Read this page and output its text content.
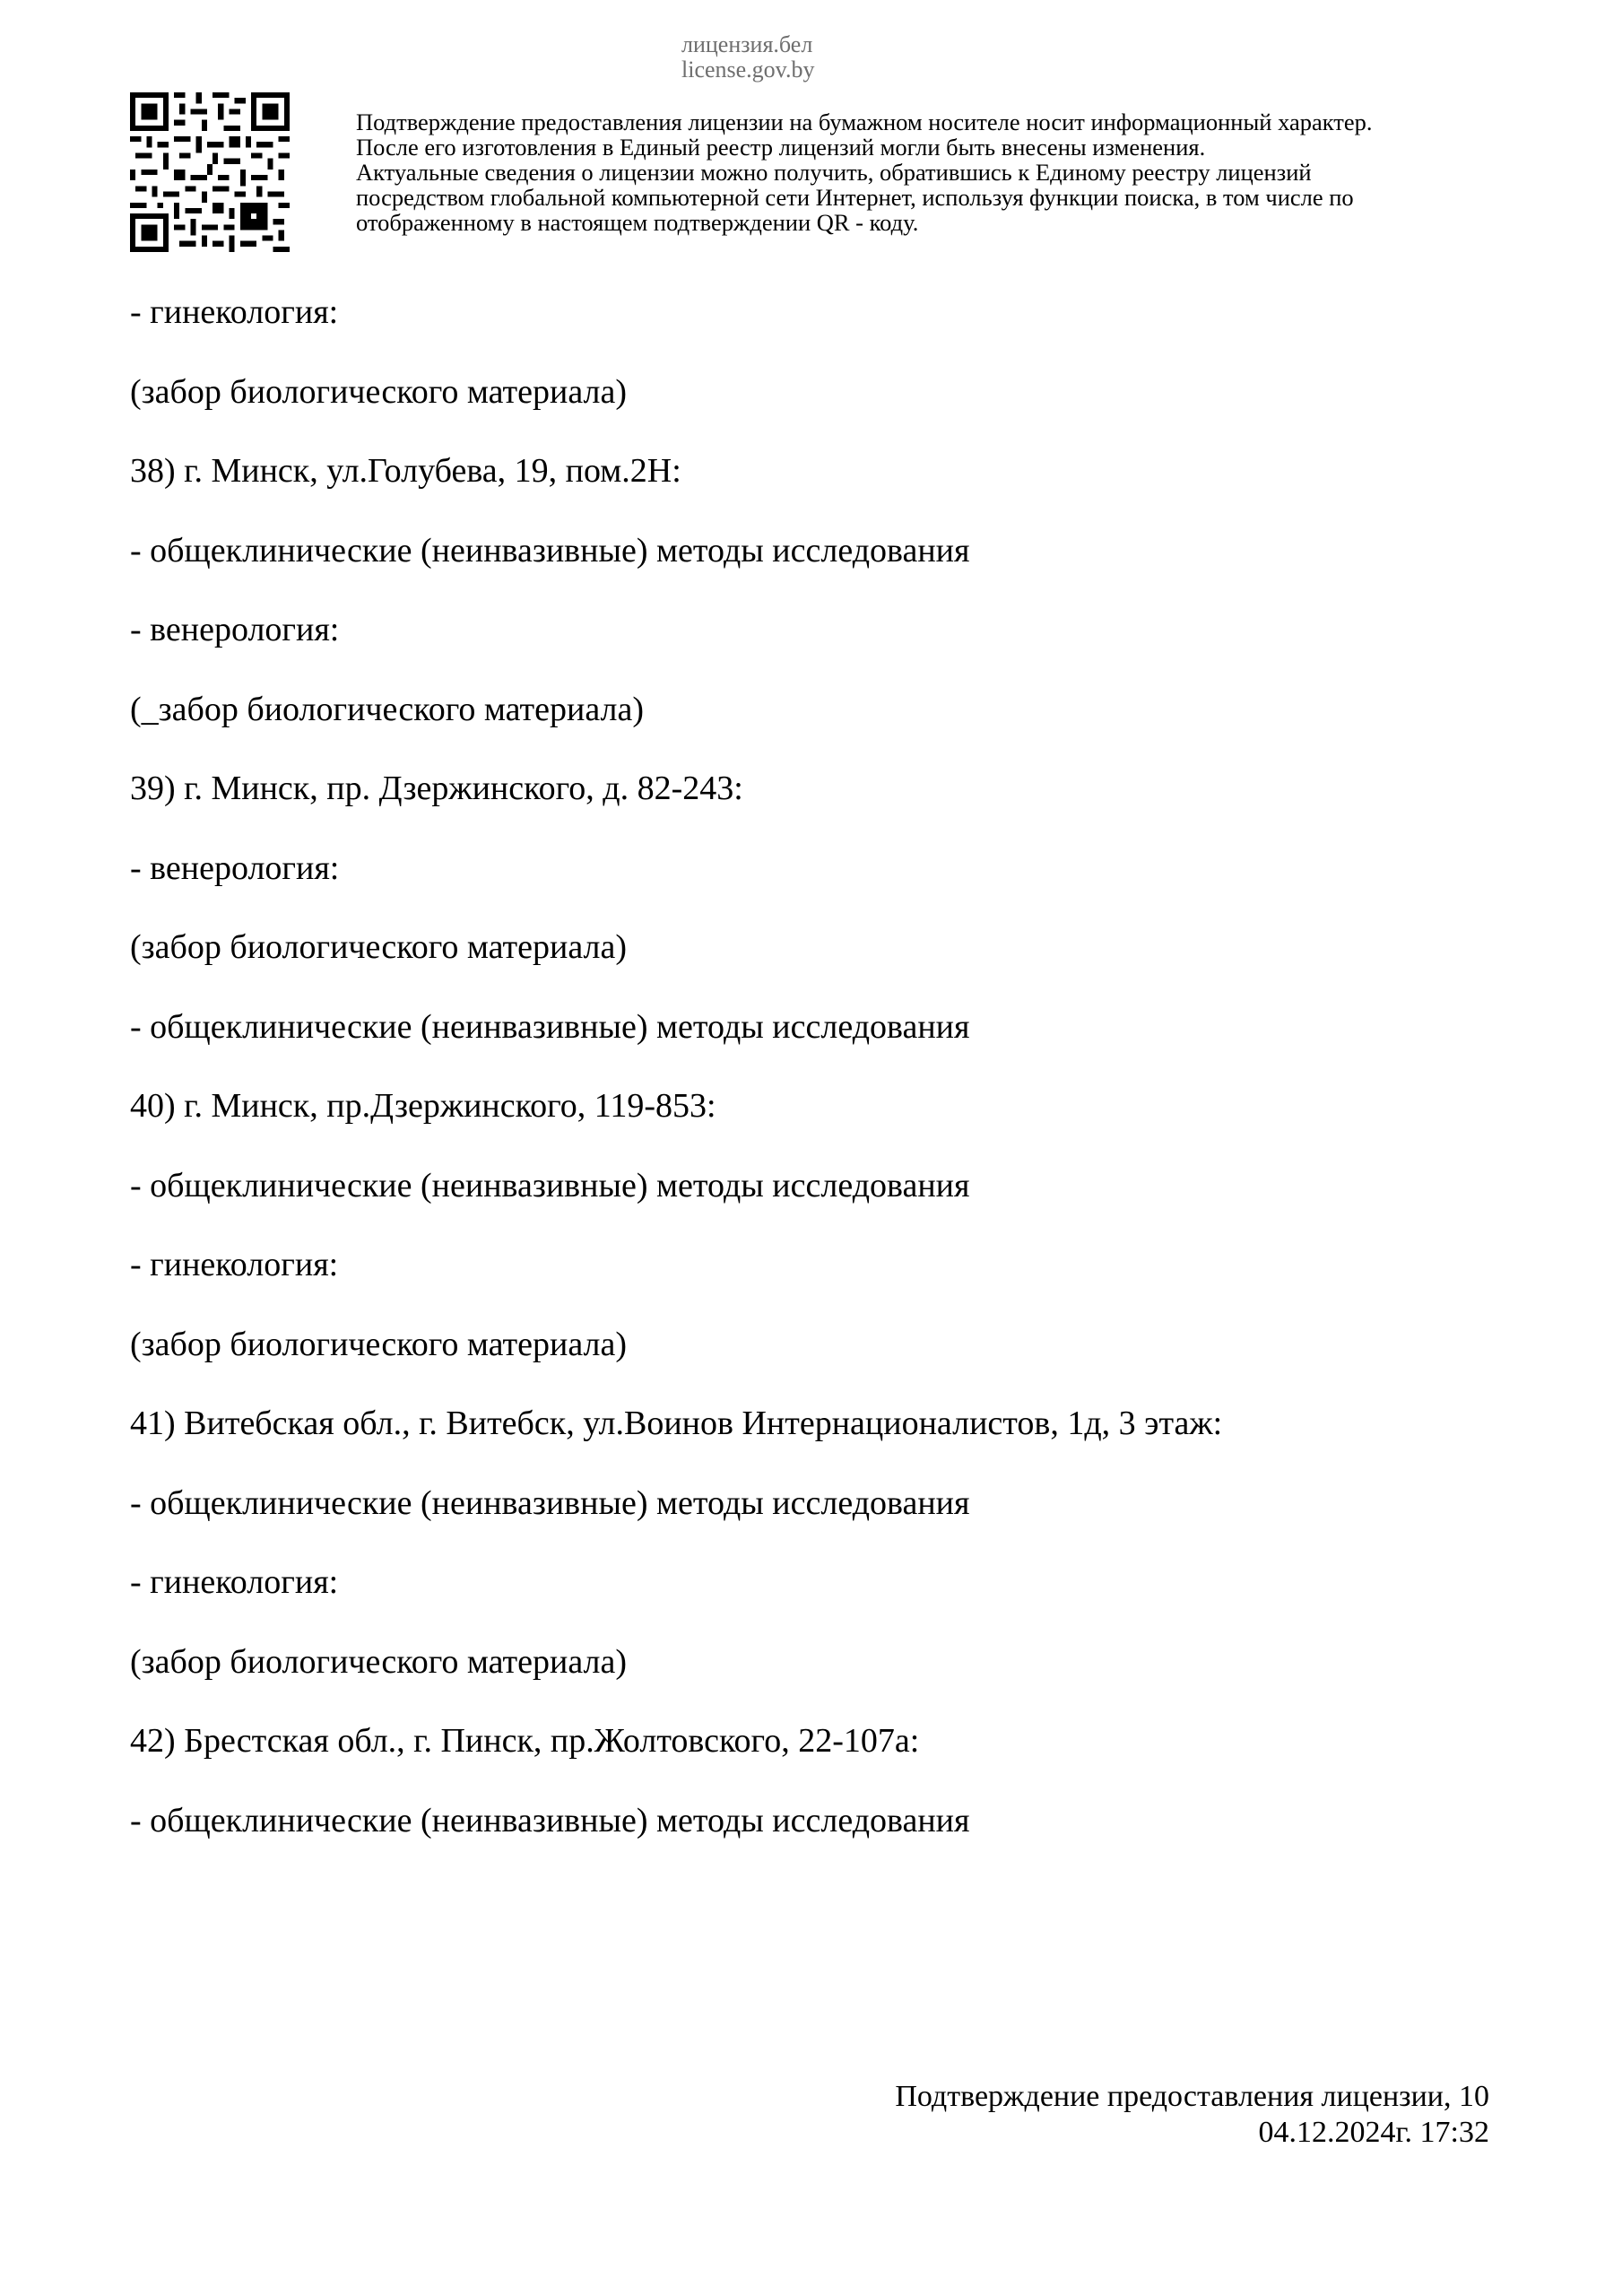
лицензия.бел
license.gov.by
Подтверждение предоставления лицензии на бумажном носителе носит информационный характер.
После его изготовления в Единый реестр лицензий могли быть внесены изменения.
Актуальные сведения о лицензии можно получить, обратившись к Единому реестру лицензий
посредством глобальной компьютерной сети Интернет, используя функции поиска, в том числе по
отображенному в настоящем подтверждении QR - коду.
- гинекология:
(забор биологического материала)
38) г. Минск, ул.Голубева, 19, пом.2Н:
- общеклинические (неинвазивные) методы исследования
- венерология:
(_забор биологического материала)
39) г. Минск, пр. Дзержинского, д. 82-243:
- венерология:
(забор биологического материала)
- общеклинические (неинвазивные) методы исследования
40) г. Минск, пр.Дзержинского, 119-853:
- общеклинические (неинвазивные) методы исследования
- гинекология:
(забор биологического материала)
41) Витебская обл., г. Витебск, ул.Воинов Интернационалистов, 1д, 3 этаж:
- общеклинические (неинвазивные) методы исследования
- гинекология:
(забор биологического материала)
42) Брестская обл., г. Пинск, пр.Жолтовского, 22-107а:
- общеклинические (неинвазивные) методы исследования
Подтверждение предоставления лицензии, 10
04.12.2024г. 17:32
